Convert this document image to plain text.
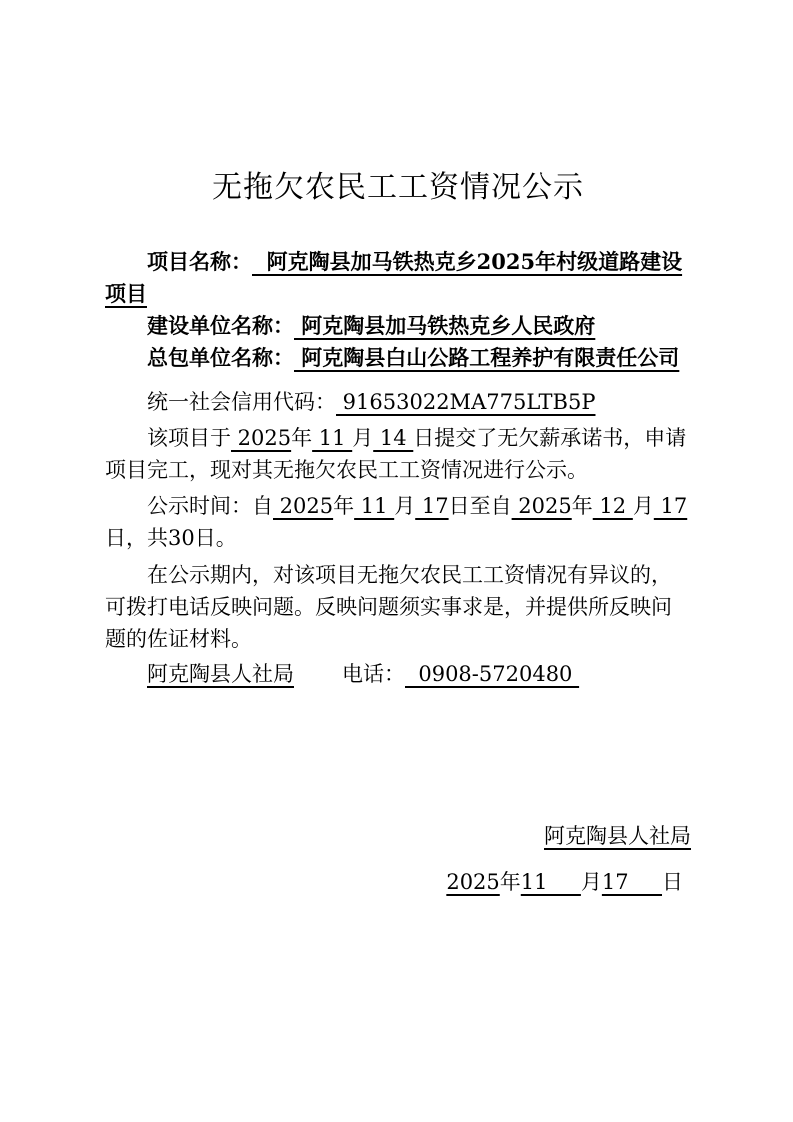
无拖欠农民工工资情况公示

项目名称：  阿克陶县加马铁热克乡2025年村级道路建设项目

建设单位名称： 阿克陶县加马铁热克乡人民政府

总包单位名称： 阿克陶县白山公路工程养护有限责任公司

统一社会信用代码： 91653022MA775LTB5P

该项目于 2025年 11 月 14 日提交了无欠薪承诺书，申请项目完工，现对其无拖欠农民工工资情况进行公示。

公示时间：自 2025年 11 月 17日至自 2025年 12 月 17日，共30日。

在公示期内，对该项目无拖欠农民工工资情况有异议的，可拨打电话反映问题。反映问题须实事求是，并提供所反映问题的佐证材料。

阿克陶县人社局 电话：  0908-5720480

阿克陶县人社局

2025年11     月17     日
